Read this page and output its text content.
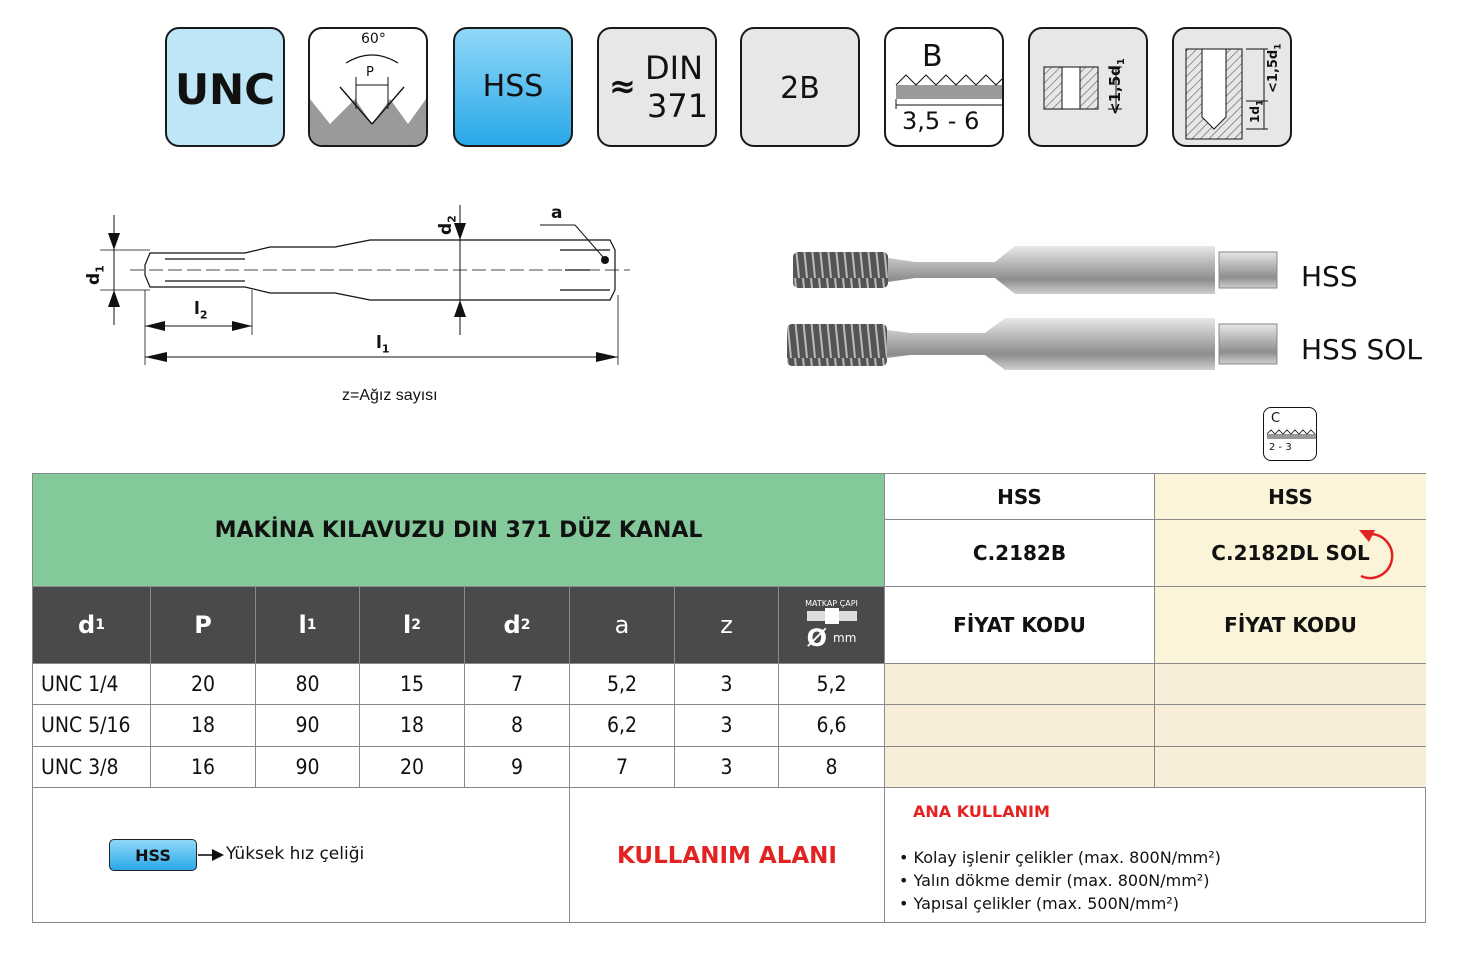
UNC
60°
P	HSS	≈ DIN
371	2B
B
3,5 - 6
$<1,5d_1$	$<1,5d_1$
$1d_1$
$d_1$
$d_2$
$l_2$
$l_1$
a
z=Ağız sayısı
HSS
HSS SOL
C
2 - 3
MAKİNA KILAVUZU DIN 371 DÜZ KANAL
HSS
C.2182B
FİYAT KODU
HSS
C.2182DL SOL
FİYAT KODU
d 1	P	l 1	l 2	d 2	a	z
MATKAP ÇAPI
Ø mm
UNC 1/4	20	80	15	7	5,2	3	5,2
UNC 5/16	18	90	18	8	6,2	3	6,6
UNC 3/8	16	90	20	9	7	3	8
HSS	Yüksek hız çeliği	KULLANIM ALANI
ANA KULLANIM
• Kolay işlenir çelikler (max. 800N/mm²)
• Yalın dökme demir (max. 800N/mm²)
• Yapısal çelikler (max. 500N/mm²)
